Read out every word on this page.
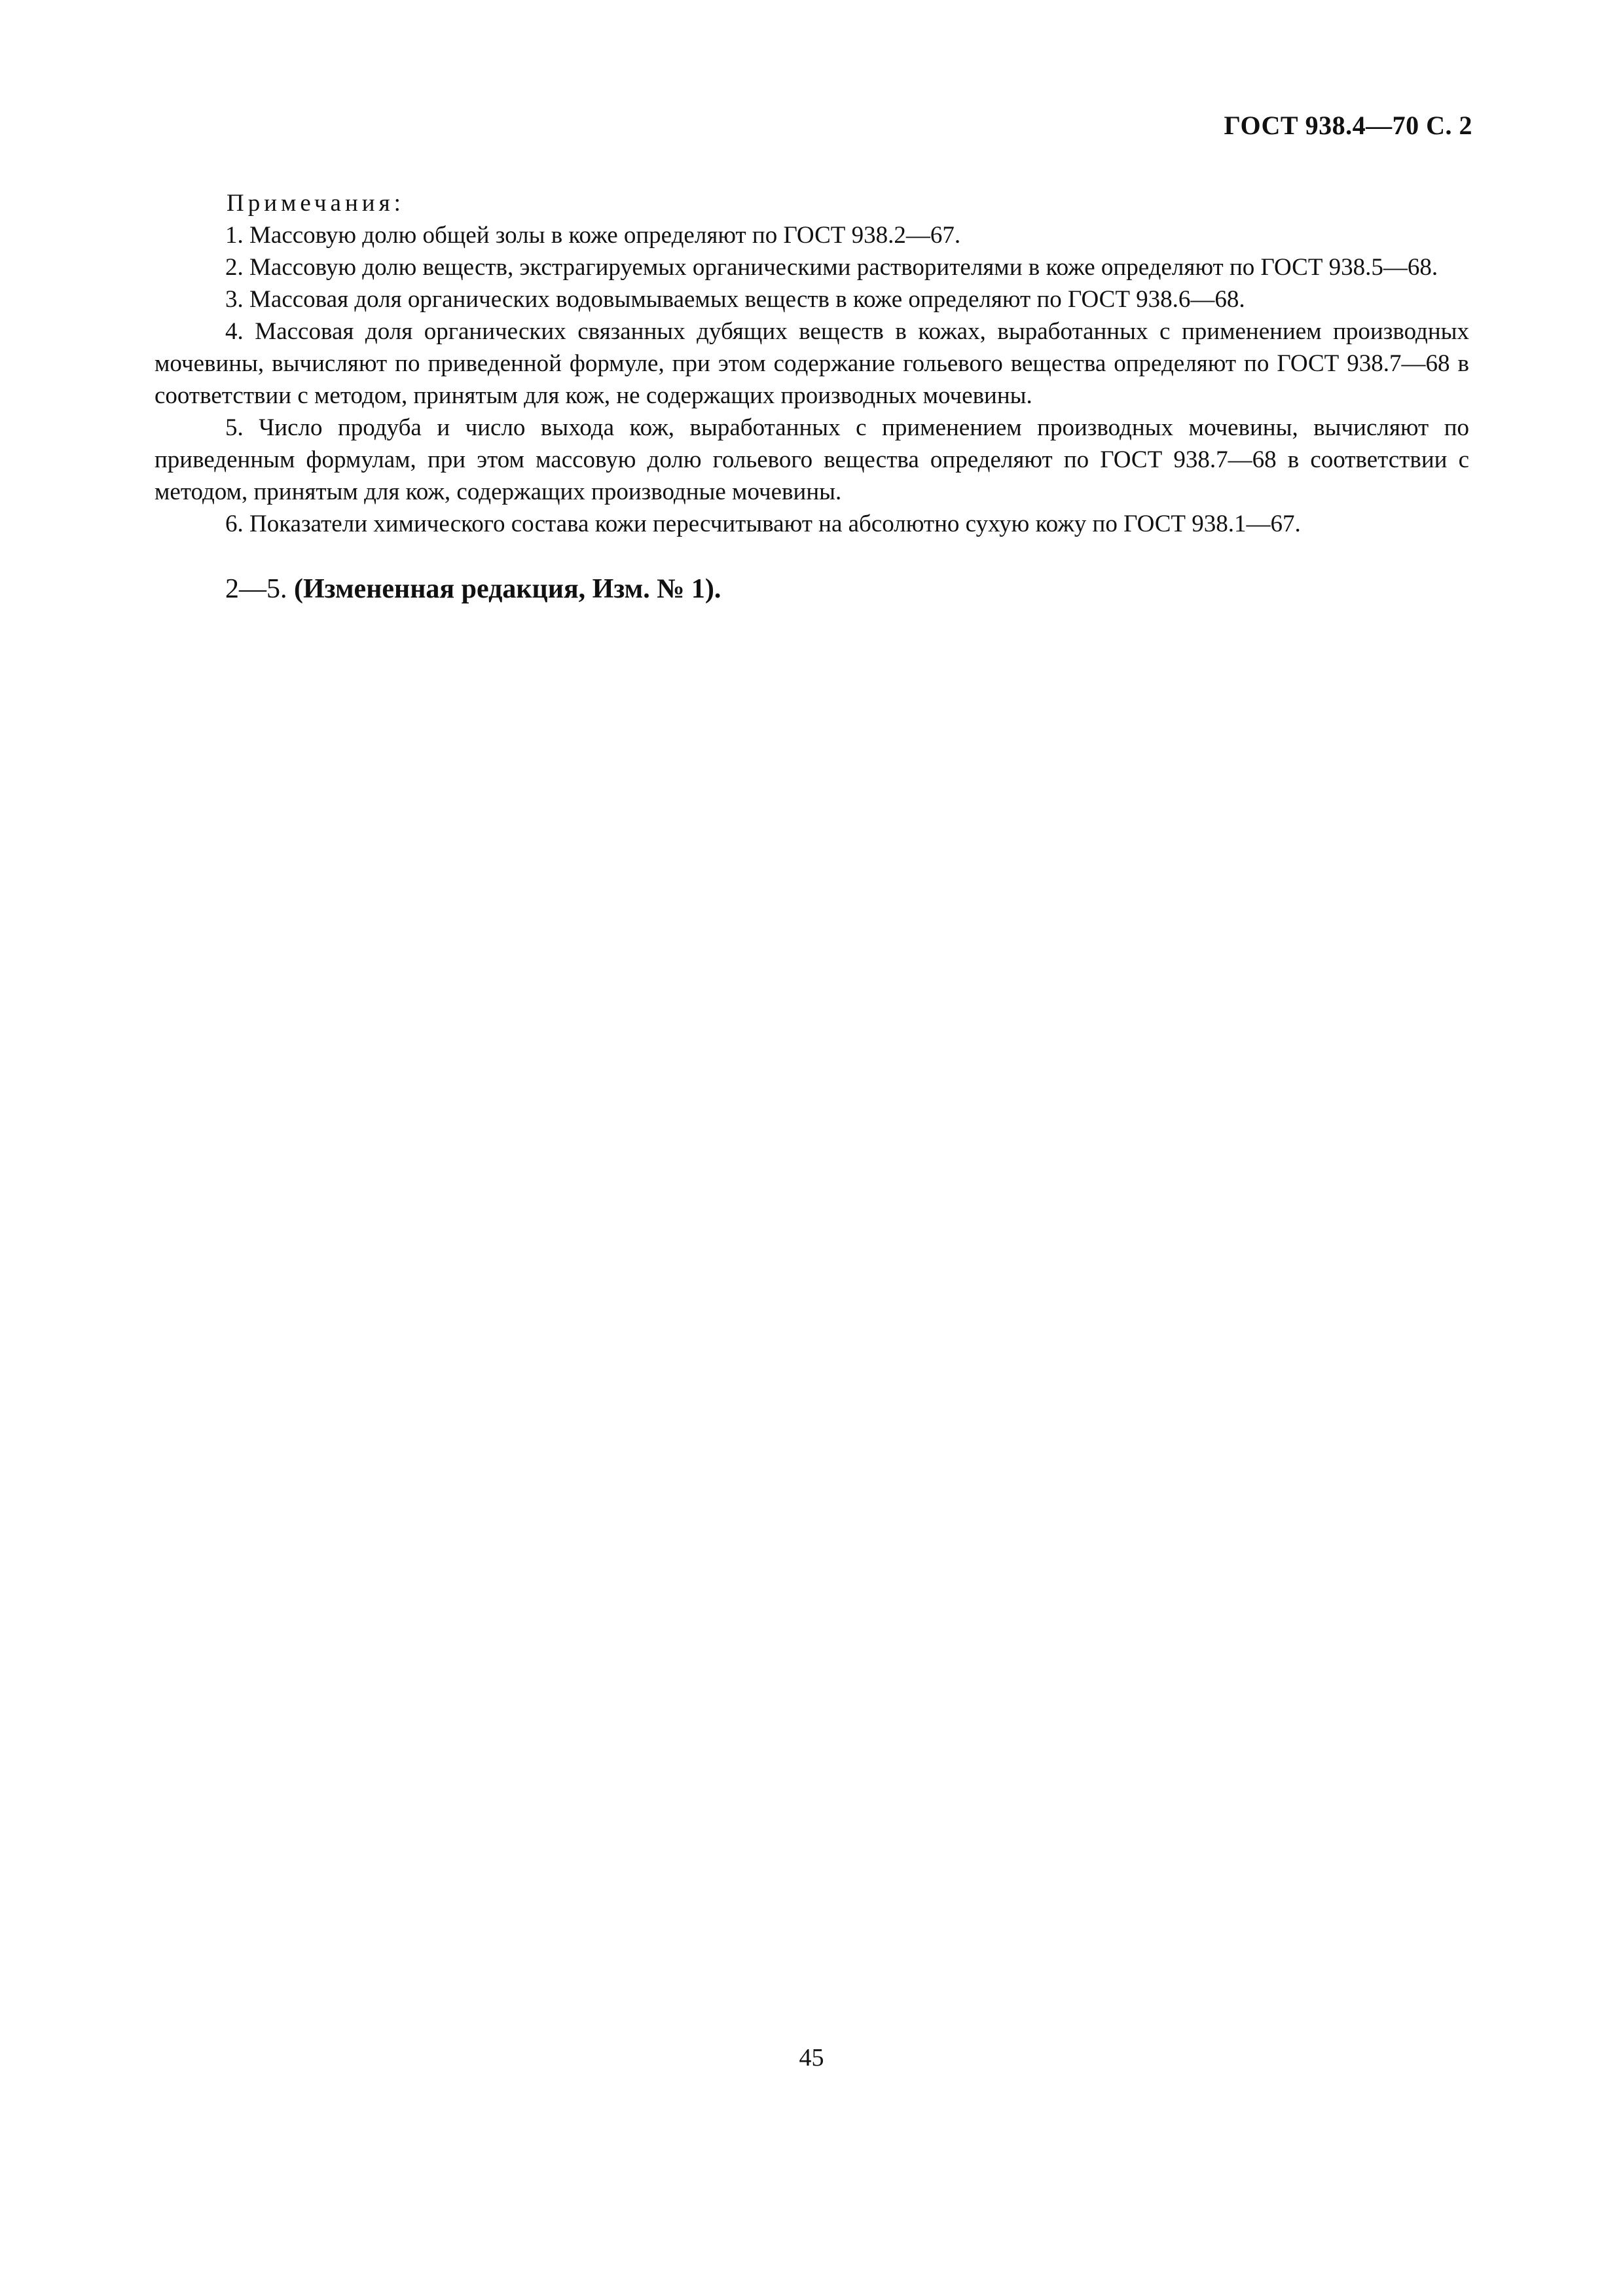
ГОСТ 938.4—70 С. 2

Примечания:

1. Массовую долю общей золы в коже определяют по ГОСТ 938.2—67.

2. Массовую долю веществ, экстрагируемых органическими растворителями в коже определяют по ГОСТ 938.5—68.

3. Массовая доля органических водовымываемых веществ в коже определяют по ГОСТ 938.6—68.

4. Массовая доля органических связанных дубящих веществ в кожах, выработанных с применением производных мочевины, вычисляют по приведенной формуле, при этом содержание гольевого вещества определяют по ГОСТ 938.7—68 в соответствии с методом, принятым для кож, не содержащих производных мочевины.

5. Число продуба и число выхода кож, выработанных с применением производных мочевины, вычисляют по приведенным формулам, при этом массовую долю гольевого вещества определяют по ГОСТ 938.7—68 в соответствии с методом, принятым для кож, содержащих производные мочевины.

6. Показатели химического состава кожи пересчитывают на абсолютно сухую кожу по ГОСТ 938.1—67.

2—5. (Измененная редакция, Изм. № 1).

45
